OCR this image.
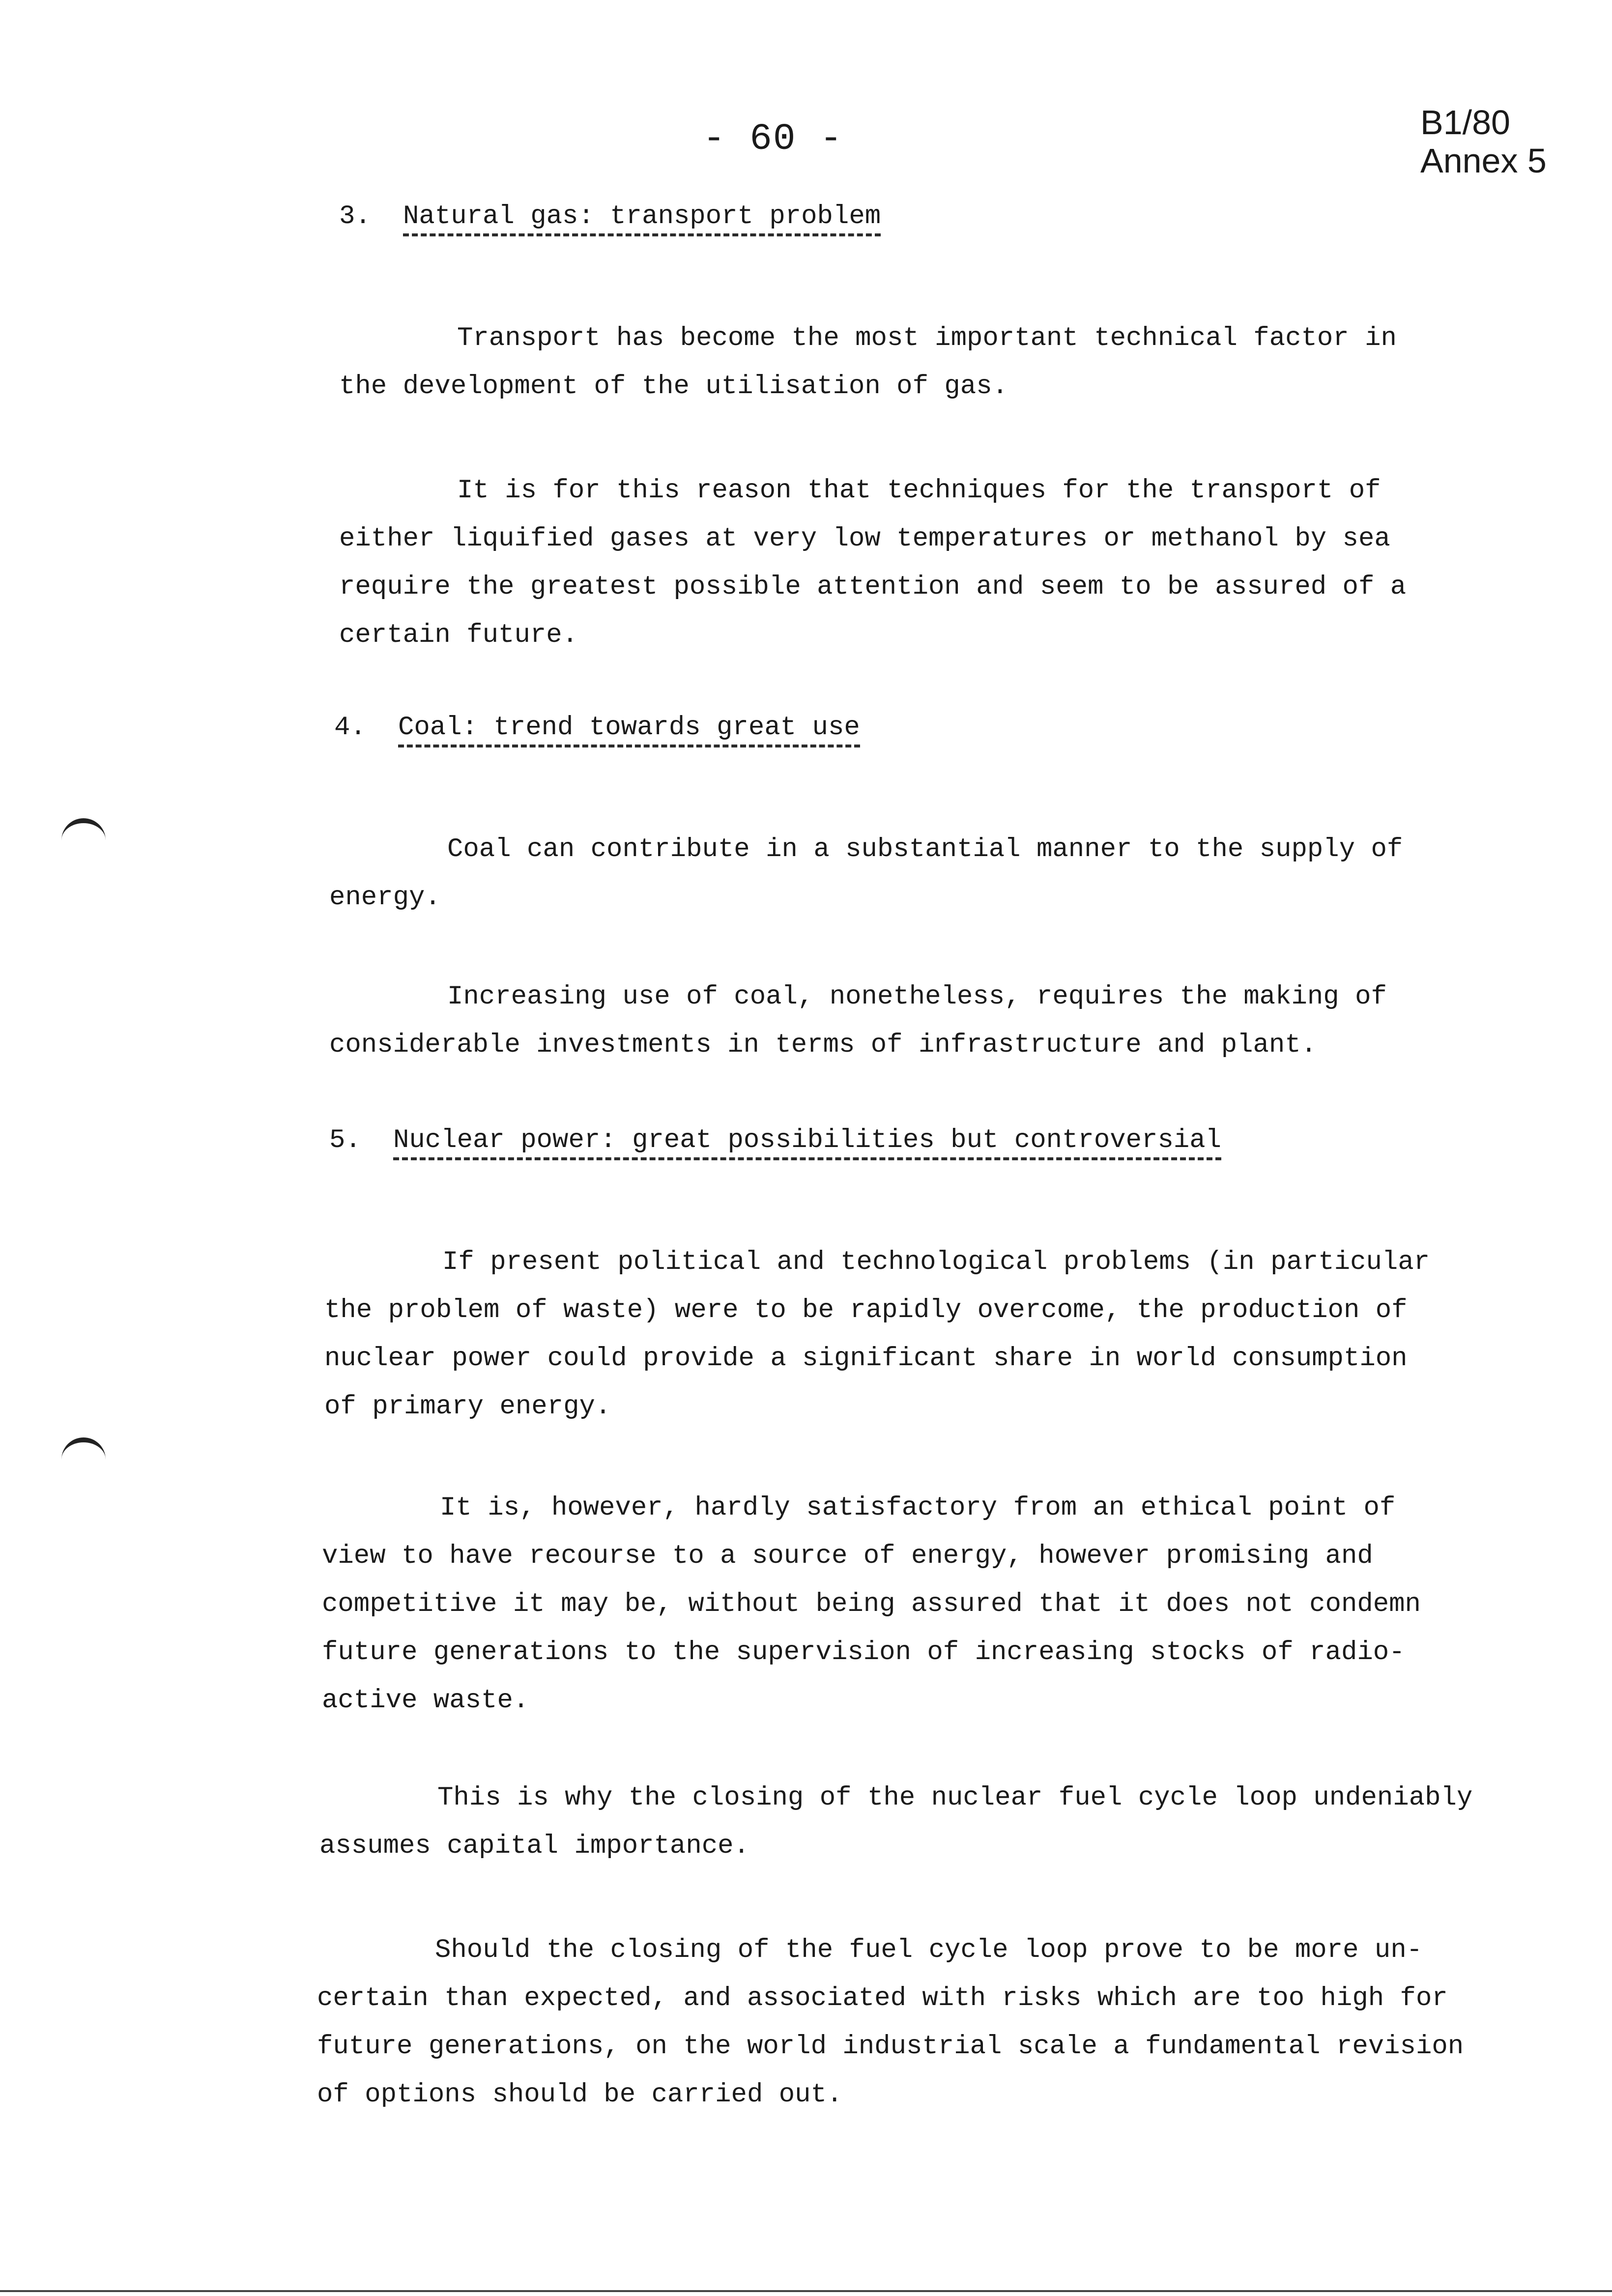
- 60 -	B1/80
Annex 5
3. Natural gas: transport problem
Transport has become the most important technical factor in
the development of the utilisation of gas.
It is for this reason that techniques for the transport of
either liquified gases at very low temperatures or methanol by sea
require the greatest possible attention and seem to be assured of a
certain future.
4. Coal: trend towards great use
Coal can contribute in a substantial manner to the supply of
energy.
Increasing use of coal, nonetheless, requires the making of
considerable investments in terms of infrastructure and plant.
5. Nuclear power: great possibilities but controversial
If present political and technological problems (in particular
the problem of waste) were to be rapidly overcome, the production of
nuclear power could provide a significant share in world consumption
of primary energy.
It is, however, hardly satisfactory from an ethical point of
view to have recourse to a source of energy, however promising and
competitive it may be, without being assured that it does not condemn
future generations to the supervision of increasing stocks of radio-
active waste.
This is why the closing of the nuclear fuel cycle loop undeniably
assumes capital importance.
Should the closing of the fuel cycle loop prove to be more un-
certain than expected, and associated with risks which are too high for
future generations, on the world industrial scale a fundamental revision
of options should be carried out.
